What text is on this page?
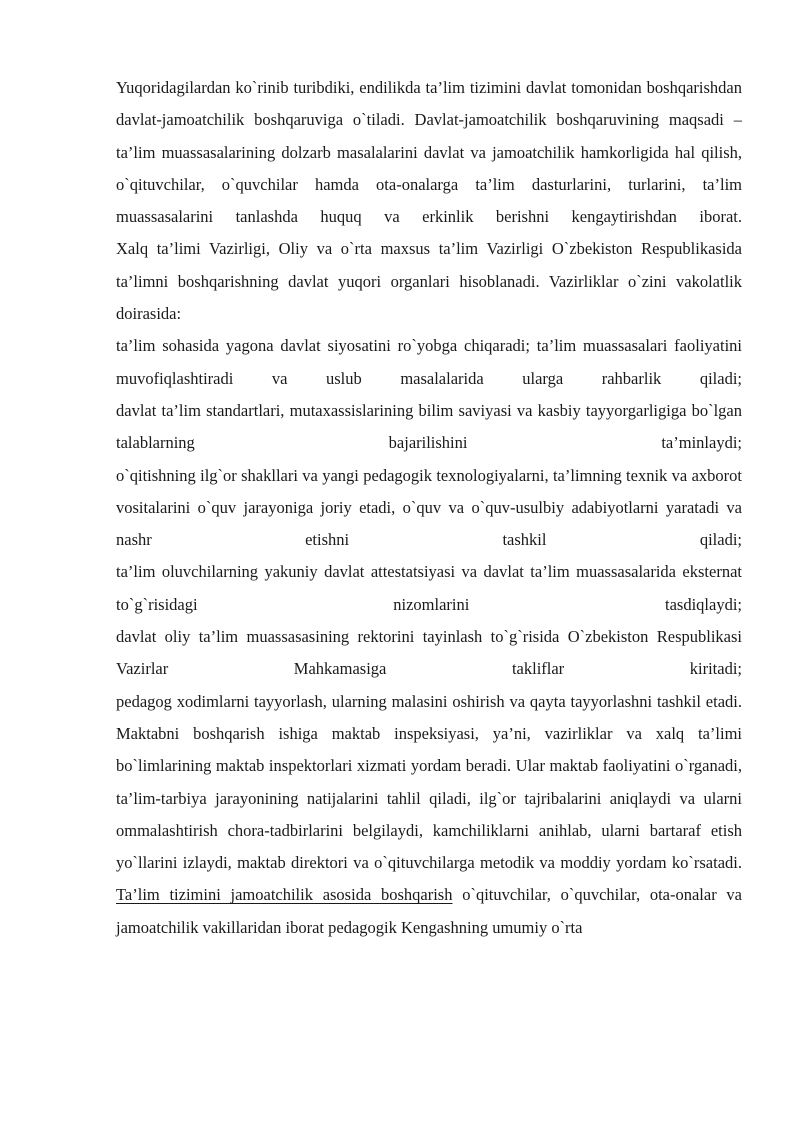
Yuqoridagilardan ko`rinib turibdiki, endilikda ta’lim tizimini davlat tomonidan boshqarishdan davlat-jamoatchilik boshqaruviga o`tiladi. Davlat-jamoatchilik boshqaruvining maqsadi –ta’lim muassasalarining dolzarb masalalarini davlat va jamoatchilik hamkorligida hal qilish, o`qituvchilar, o`quvchilar hamda ota-onalarga ta’lim dasturlarini, turlarini, ta’lim muassasalarini tanlashda huquq va erkinlik berishni kengaytirishdan iborat.

Xalq ta’limi Vazirligi, Oliy va o`rta maxsus ta’lim Vazirligi O`zbekiston Respublikasida ta’limni boshqarishning davlat yuqori organlari hisoblanadi. Vazirliklar o`zini vakolatlik doirasida:

ta’lim sohasida yagona davlat siyosatini ro`yobga chiqaradi; ta’lim muassasalari faoliyatini muvofiqlashtiradi va uslub masalalarida ularga rahbarlik qiladi;

davlat ta’lim standartlari, mutaxassislarining bilim saviyasi va kasbiy tayyorgarligiga bo`lgan talablarning bajarilishini ta’minlaydi;

o`qitishning ilg`or shakllari va yangi pedagogik texnologiyalarni, ta’limning texnik va axborot vositalarini o`quv jarayoniga joriy etadi, o`quv va o`quv-usulbiy adabiyotlarni yaratadi va nashr etishni tashkil qiladi;

ta’lim oluvchilarning yakuniy davlat attestatsiyasi va davlat ta’lim muassasalarida eksternat to`g`risidagi nizomlarini tasdiqlaydi;

davlat oliy ta’lim muassasasining rektorini tayinlash to`g`risida O`zbekiston Respublikasi Vazirlar Mahkamasiga takliflar kiritadi;

pedagog xodimlarni tayyorlash, ularning malasini oshirish va qayta tayyorlashni tashkil etadi.

Maktabni boshqarish ishiga maktab inspeksiyasi, ya’ni, vazirliklar va xalq ta’limi bo`limlarining maktab inspektorlari xizmati yordam beradi. Ular maktab faoliyatini o`rganadi, ta’lim-tarbiya jarayonining natijalarini tahlil qiladi, ilg`or tajribalarini aniqlaydi va ularni ommalashtirish chora-tadbirlarini belgilaydi, kamchiliklarni anihlab, ularni bartaraf etish yo`llarini izlaydi, maktab direktori va o`qituvchilarga metodik va moddiy yordam ko`rsatadi.

Ta’lim tizimini jamoatchilik asosida boshqarish o`qituvchilar, o`quvchilar, ota-onalar va jamoatchilik vakillaridan iborat pedagogik Kengashning umumiy o`rta
